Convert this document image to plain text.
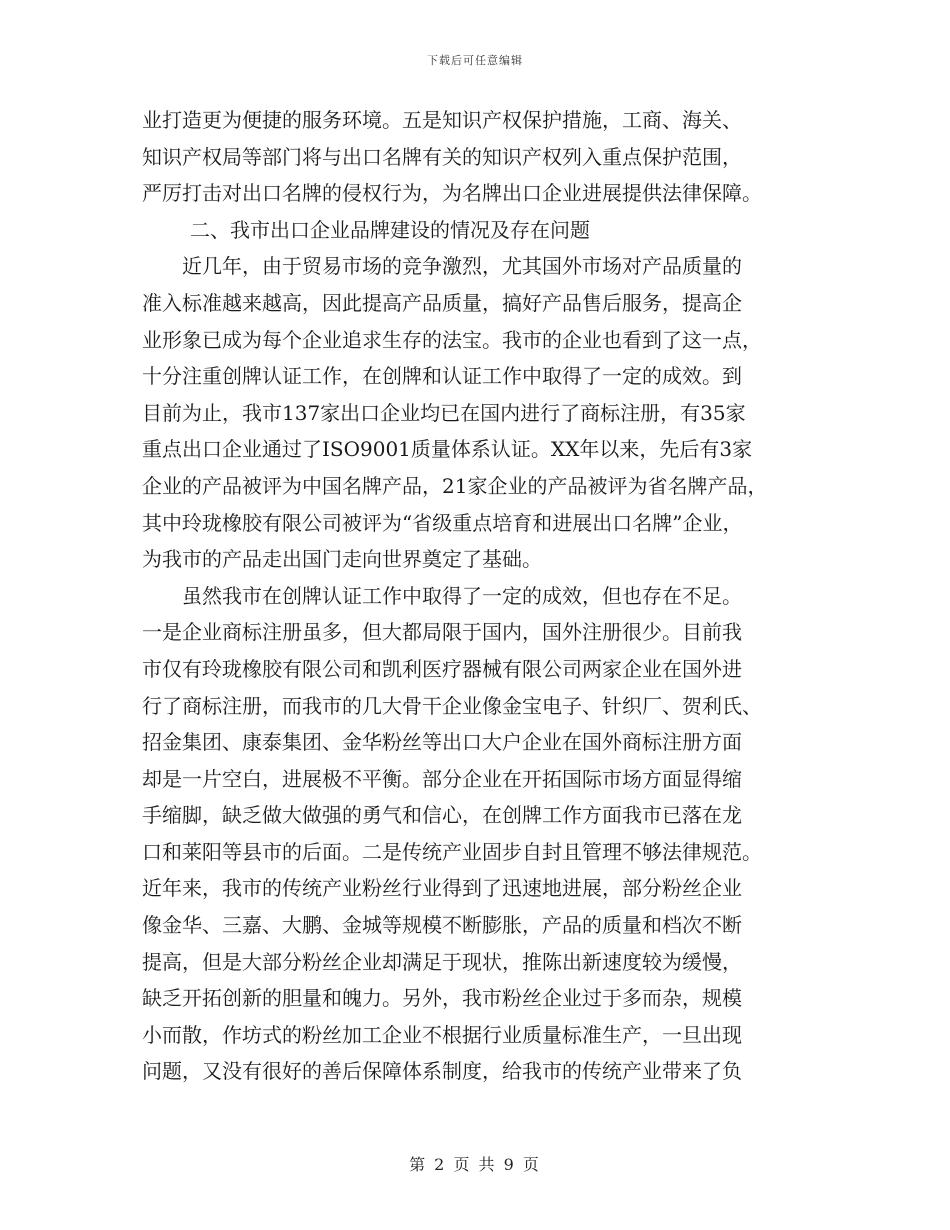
下载后可任意编辑
业打造更为便捷的服务环境。五是知识产权保护措施，工商、海关、
知识产权局等部门将与出口名牌有关的知识产权列入重点保护范围，
严厉打击对出口名牌的侵权行为，为名牌出口企业进展提供法律保障。
二、我市出口企业品牌建设的情况及存在问题
近几年，由于贸易市场的竞争激烈，尤其国外市场对产品质量的
准入标准越来越高，因此提高产品质量，搞好产品售后服务，提高企
业形象已成为每个企业追求生存的法宝。我市的企业也看到了这一点，
十分注重创牌认证工作，在创牌和认证工作中取得了一定的成效。到
目前为止，我市137家出口企业均已在国内进行了商标注册，有35家
重点出口企业通过了ISO9001质量体系认证。XX年以来，先后有3家
企业的产品被评为中国名牌产品，21家企业的产品被评为省名牌产品，
其中玲珑橡胶有限公司被评为“省级重点培育和进展出口名牌”企业，
为我市的产品走出国门走向世界奠定了基础。
虽然我市在创牌认证工作中取得了一定的成效，但也存在不足。
一是企业商标注册虽多，但大都局限于国内，国外注册很少。目前我
市仅有玲珑橡胶有限公司和凯利医疗器械有限公司两家企业在国外进
行了商标注册，而我市的几大骨干企业像金宝电子、针织厂、贺利氏、
招金集团、康泰集团、金华粉丝等出口大户企业在国外商标注册方面
却是一片空白，进展极不平衡。部分企业在开拓国际市场方面显得缩
手缩脚，缺乏做大做强的勇气和信心，在创牌工作方面我市已落在龙
口和莱阳等县市的后面。二是传统产业固步自封且管理不够法律规范。
近年来，我市的传统产业粉丝行业得到了迅速地进展，部分粉丝企业
像金华、三嘉、大鹏、金城等规模不断膨胀，产品的质量和档次不断
提高，但是大部分粉丝企业却满足于现状，推陈出新速度较为缓慢，
缺乏开拓创新的胆量和魄力。另外，我市粉丝企业过于多而杂，规模
小而散，作坊式的粉丝加工企业不根据行业质量标准生产，一旦出现
问题，又没有很好的善后保障体系制度，给我市的传统产业带来了负
第 2 页 共 9 页
